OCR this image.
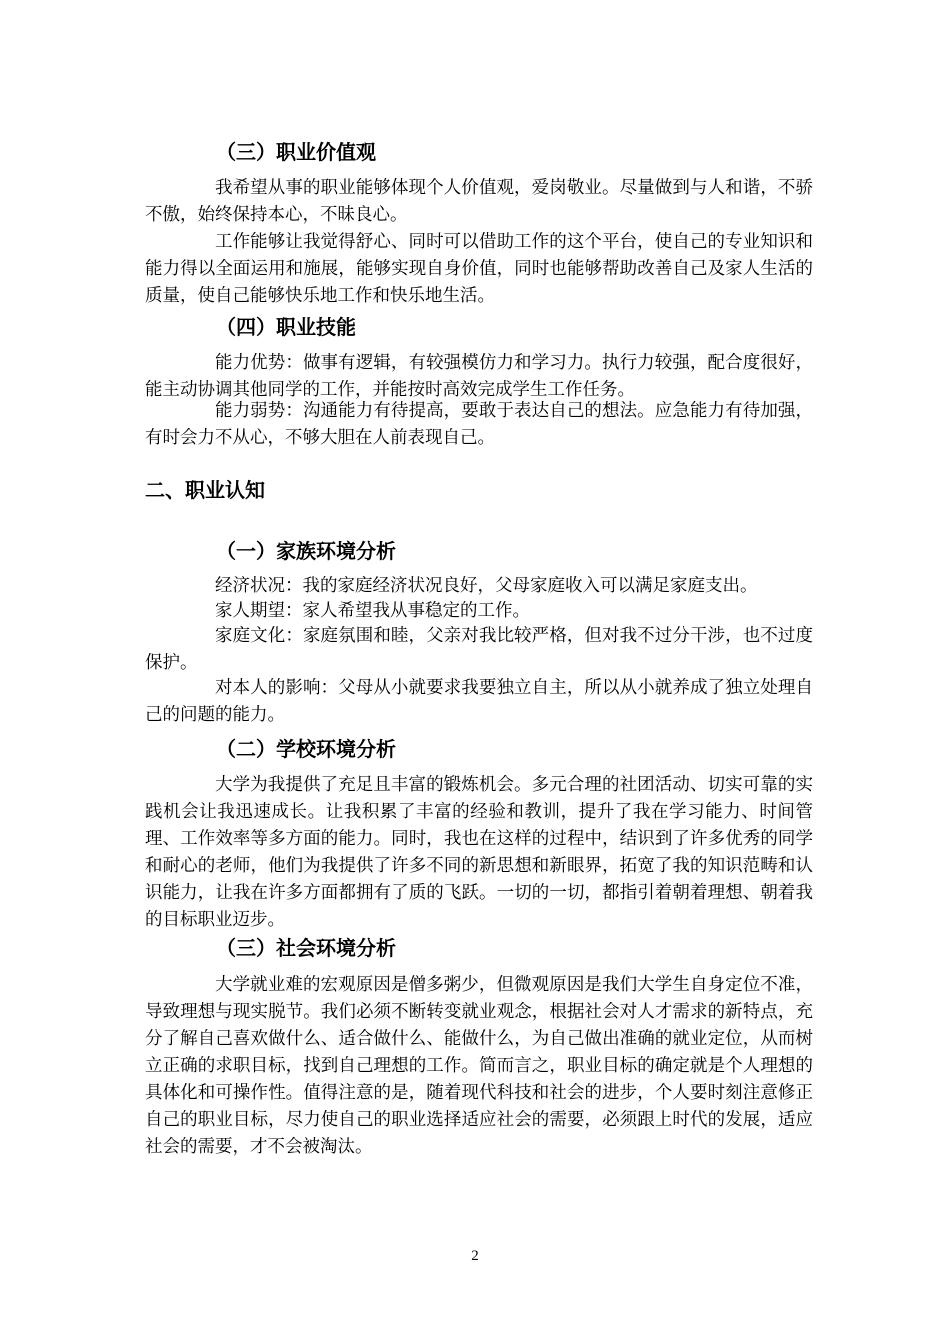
（三）职业价值观

我希望从事的职业能够体现个人价值观，爱岗敬业。尽量做到与人和谐，不骄不傲，始终保持本心，不昧良心。

工作能够让我觉得舒心、同时可以借助工作的这个平台，使自己的专业知识和能力得以全面运用和施展，能够实现自身价值，同时也能够帮助改善自己及家人生活的质量，使自己能够快乐地工作和快乐地生活。

（四）职业技能

能力优势：做事有逻辑，有较强模仿力和学习力。执行力较强，配合度很好，能主动协调其他同学的工作，并能按时高效完成学生工作任务。

能力弱势：沟通能力有待提高，要敢于表达自己的想法。应急能力有待加强，有时会力不从心，不够大胆在人前表现自己。

二、职业认知
（一）家族环境分析

经济状况：我的家庭经济状况良好，父母家庭收入可以满足家庭支出。

家人期望：家人希望我从事稳定的工作。

家庭文化：家庭氛围和睦，父亲对我比较严格，但对我不过分干涉，也不过度保护。

对本人的影响：父母从小就要求我要独立自主，所以从小就养成了独立处理自己的问题的能力。

（二）学校环境分析

大学为我提供了充足且丰富的锻炼机会。多元合理的社团活动、切实可靠的实践机会让我迅速成长。让我积累了丰富的经验和教训，提升了我在学习能力、时间管理、工作效率等多方面的能力。同时，我也在这样的过程中，结识到了许多优秀的同学和耐心的老师，他们为我提供了许多不同的新思想和新眼界，拓宽了我的知识范畴和认识能力，让我在许多方面都拥有了质的飞跃。一切的一切，都指引着朝着理想、朝着我的目标职业迈步。

（三）社会环境分析

大学就业难的宏观原因是僧多粥少，但微观原因是我们大学生自身定位不准，导致理想与现实脱节。我们必须不断转变就业观念，根据社会对人才需求的新特点，充分了解自己喜欢做什么、适合做什么、能做什么，为自己做出准确的就业定位，从而树立正确的求职目标，找到自己理想的工作。简而言之，职业目标的确定就是个人理想的具体化和可操作性。值得注意的是，随着现代科技和社会的进步，个人要时刻注意修正自己的职业目标，尽力使自己的职业选择适应社会的需要，必须跟上时代的发展，适应社会的需要，才不会被淘汰。

2
